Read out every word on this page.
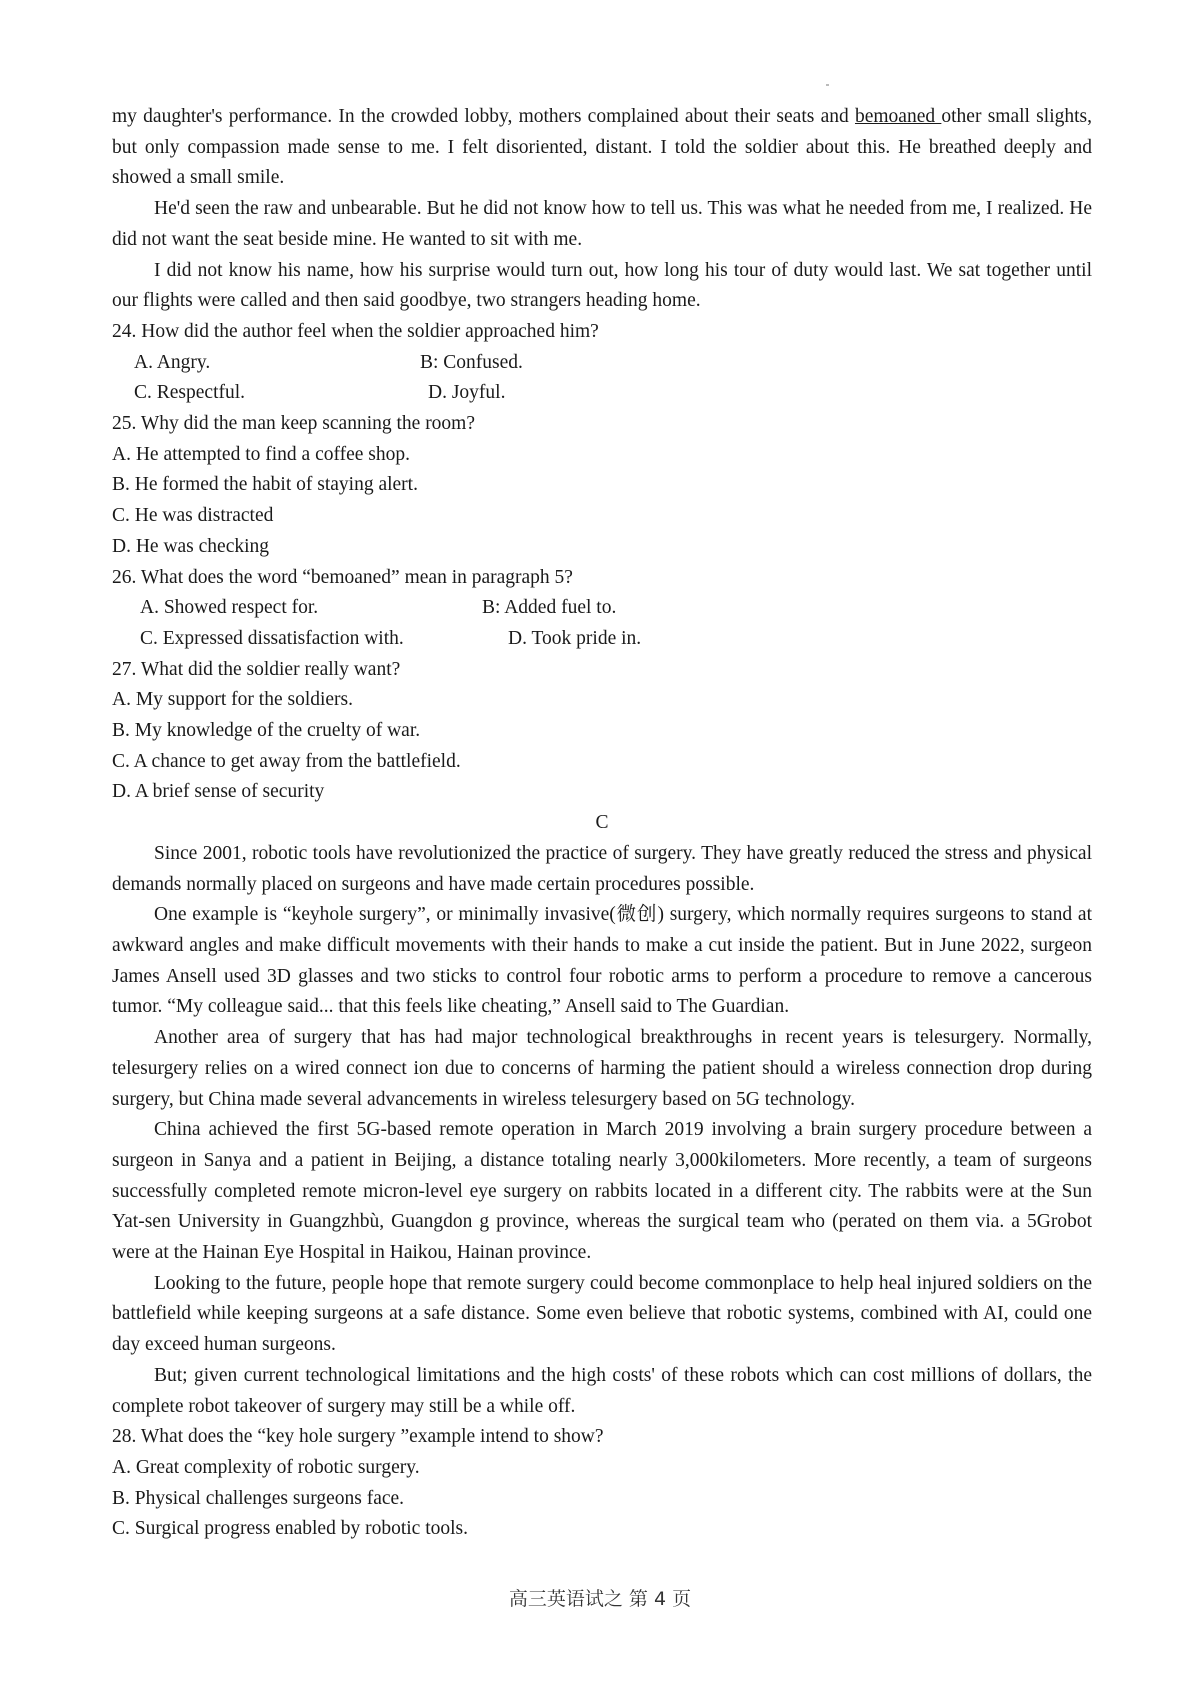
my daughter's performance. In the crowded lobby, mothers complained about their seats and bemoaned other small slights, but only compassion made sense to me. I felt disoriented, distant. I told the soldier about this. He breathed deeply and showed a small smile.

He'd seen the raw and unbearable. But he did not know how to tell us. This was what he needed from me, I realized. He did not want the seat beside mine. He wanted to sit with me.

I did not know his name, how his surprise would turn out, how long his tour of duty would last. We sat together until our flights were called and then said goodbye, two strangers heading home.

24. How did the author feel when the soldier approached him?
A. Angry.	B: Confused.
C. Respectful.	D. Joyful.
25. Why did the man keep scanning the room?
A. He attempted to find a coffee shop.
B. He formed the habit of staying alert.
C. He was distracted
D. He was checking
26. What does the word “bemoaned” mean in paragraph 5?
A. Showed respect for.	B: Added fuel to.
C. Expressed dissatisfaction with.	D. Took pride in.
27. What did the soldier really want?
A. My support for the soldiers.
B. My knowledge of the cruelty of war.
C. A chance to get away from the battlefield.
D. A brief sense of security
C

Since 2001, robotic tools have revolutionized the practice of surgery. They have greatly reduced the stress and physical demands normally placed on surgeons and have made certain procedures possible.

One example is “keyhole surgery”, or minimally invasive(微创) surgery, which normally requires surgeons to stand at awkward angles and make difficult movements with their hands to make a cut inside the patient. But in June 2022, surgeon James Ansell used 3D glasses and two sticks to control four robotic arms to perform a procedure to remove a cancerous tumor. “My colleague said... that this feels like cheating,” Ansell said to The Guardian.

Another area of surgery that has had major technological breakthroughs in recent years is telesurgery. Normally, telesurgery relies on a wired connect ion due to concerns of harming the patient should a wireless connection drop during surgery, but China made several advancements in wireless telesurgery based on 5G technology.

China achieved the first 5G-based remote operation in March 2019 involving a brain surgery procedure between a surgeon in Sanya and a patient in Beijing, a distance totaling nearly 3,000kilometers. More recently, a team of surgeons successfully completed remote micron-level eye surgery on rabbits located in a different city. The rabbits were at the Sun Yat-sen University in Guangzhbù, Guangdon g province, whereas the surgical team who (perated on them via. a 5Grobot were at the Hainan Eye Hospital in Haikou, Hainan province.

Looking to the future, people hope that remote surgery could become commonplace to help heal injured soldiers on the battlefield while keeping surgeons at a safe distance. Some even believe that robotic systems, combined with AI, could one day exceed human surgeons.

But; given current technological limitations and the high costs' of these robots which can cost millions of dollars, the complete robot takeover of surgery may still be a while off.

28. What does the “key hole surgery ”example intend to show?
A. Great complexity of robotic surgery.
B. Physical challenges surgeons face.
C. Surgical progress enabled by robotic tools.
高三英语试之 第 4 页
